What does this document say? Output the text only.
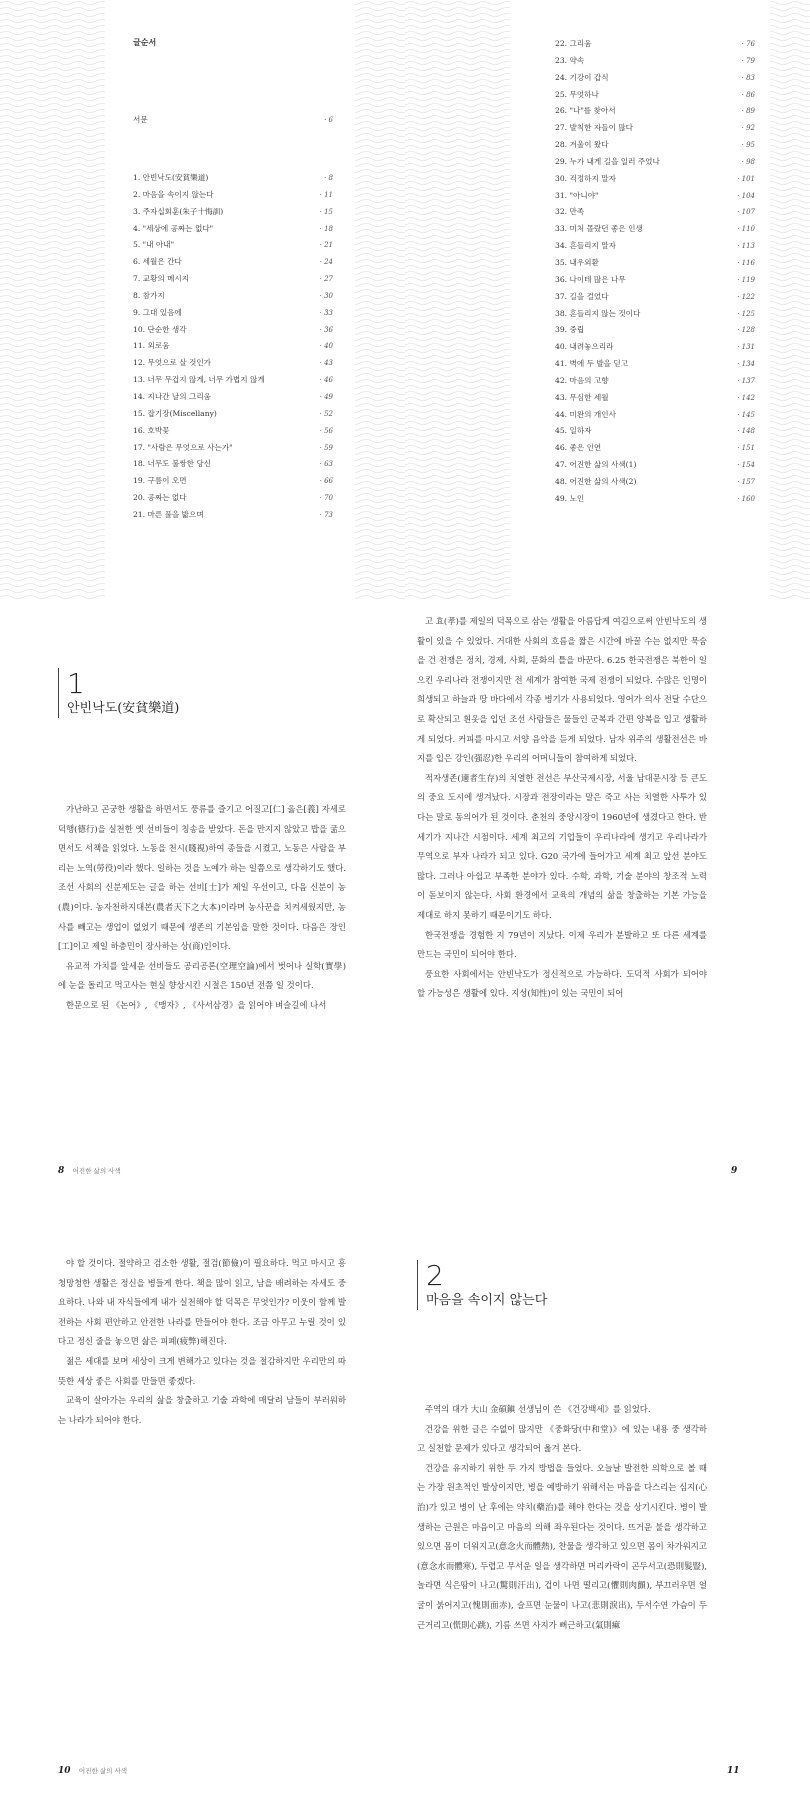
글순서
서문	· 6
1. 안빈낙도(安貧樂道)	· 8
2. 마음을 속이지 않는다	· 11
3. 주자십회훈(朱子十悔訓)	· 15
4. "세상에 공짜는 없다"	· 18
5. "내 아내"	· 21
6. 세월은 간다	· 24
7. 교황의 메시지	· 27
8. 참가지	· 30
9. 그대 있음에	· 33
10. 단순한 생각	· 36
11. 외로움	· 40
12. 무엇으로 살 것인가	· 43
13. 너무 무겁지 않게, 너무 가볍지 않게	· 46
14. 지나간 날의 그리움	· 49
15. 잡기장(Miscellany)	· 52
16. 호박꽃	· 56
17. "사람은 무엇으로 사는가"	· 59
18. 너무도 불쌍한 당신	· 63
19. 구름이 오면	· 66
20. 공짜는 없다	· 70
21. 마른 풀을 밟으며	· 73
22. 그리움	· 76
23. 약속	· 79
24. 기강이 갑식	· 83
25. 무엇하나	· 86
26. "나"를 찾아서	· 89
27. 발칙한 자들이 많다	· 92
28. 겨울이 왔다	· 95
29. 누가 내게 길을 일러 주었나	· 98
30. 걱정하지 말자	· 101
31. "아니야"	· 104
32. 만족	· 107
33. 미처 몰랐던 좋은 인생	· 110
34. 흔들리지 말자	· 113
35. 내우외환	· 116
36. 나이테 많은 나무	· 119
37. 길을 걸었다	· 122
38. 흔들리지 않는 것이다	· 125
39. 중립	· 128
40. 내려놓으리라	· 131
41. 벽에 두 발을 딛고	· 134
42. 마음의 고향	· 137
43. 무심한 세월	· 142
44. 미완의 개인사	· 145
45. 일하자	· 148
46. 좋은 인연	· 151
47. 어진한 삶의 사색(1)	· 154
48. 어진한 삶의 사색(2)	· 157
49. 노인	· 160
1
안빈낙도(安貧樂道)

가난하고 곤궁한 생활을 하면서도 풍류를 즐기고 어질고[仁] 옳은[義] 자세로 덕행(德行)을 실천한 옛 선비들이 칭송을 받았다. 돈을 만지지 않았고 밥을 굶으면서도 서책을 읽었다. 노동을 천시(賤視)하여 종들을 시켰고, 노동은 사람을 부리는 노역(勞役)이라 했다. 일하는 것을 노예가 하는 일쯤으로 생각하기도 했다. 조선 사회의 신분제도는 글을 하는 선비[士]가 제일 우선이고, 다음 신분이 농(農)이다. 농자천하지대본(農者天下之大本)이라며 농사꾼을 치켜세웠지만, 농사를 빼고는 생업이 없었기 때문에 생존의 기본임을 말한 것이다. 다음은 장인[工]이고 제일 하층민이 장사하는 상(商)인이다.

유교적 가치를 앞세운 선비들도 공리공론(空理空論)에서 벗어나 실학(實學)에 눈을 돌리고 먹고사는 현실 향상시킨 시절은 150년 전쯤 일 것이다.

한문으로 된 《논어》, 《맹자》, 《사서삼경》을 읽어야 벼슬길에 나서

8 어진한 삶의 사색

고 효(孝)를 제일의 덕목으로 삼는 생활을 아름답게 여김으로써 안빈낙도의 생활이 있을 수 있었다. 거대한 사회의 흐름을 짧은 시간에 바꿀 수는 없지만 묵숨을 건 전쟁은 정치, 경제, 사회, 문화의 틀을 바꾼다. 6.25 한국전쟁은 북한이 일으킨 우리나라 전쟁이지만 전 세계가 참여한 국제 전쟁이 되었다. 수많은 인명이 희생되고 하늘과 땅 바다에서 각종 병기가 사용되었다. 영어가 의사 전달 수단으로 확산되고 흰옷을 입던 조선 사람들은 물들인 군복과 간편 양복을 입고 생활하게 되었다. 커피를 마시고 서양 음악을 듣게 되었다. 남자 위주의 생활전선은 바지를 입은 강인(强忍)한 우리의 어머니들이 참여하게 되었다.

적자생존(適者生存)의 치열한 전선은 부산국제시장, 서울 남대문시장 등 큰도의 중요 도시에 생겨났다. 시장과 전장이라는 말은 죽고 사는 치열한 사투가 있다는 말로 동의어가 된 것이다. 춘천의 중앙시장이 1960년에 생겼다고 한다. 반세기가 지나간 시점이다. 세계 최고의 기업들이 우리나라에 생기고 우리나라가 무역으로 부자 나라가 되고 있다. G20 국가에 들어가고 세계 최고 앞선 분야도 많다. 그러나 아쉽고 부족한 분야가 있다. 수학, 과학, 기술 분야의 창조적 노력이 돋보이지 않는다. 사회 환경에서 교육의 개념의 삶을 창출하는 기본 가능을 제대로 하지 못하기 때문이기도 하다.

한국전쟁을 경험한 지 79년이 지났다. 이제 우리가 분발하고 또 다른 세계를 만드는 국민이 되어야 한다.

풍요한 사회에서는 안빈낙도가 정신적으로 가능하다. 도덕적 사회가 되어야 할 가능성은 생활에 있다. 지성(知性)이 있는 국민이 되어

9

야 할 것이다. 절약하고 검소한 생활, 절검(節儉)이 필요하다. 먹고 마시고 흥청망청한 생활은 정신을 병들게 한다. 책을 많이 읽고, 남을 배려하는 자세도 중요하다. 나와 내 자식들에게 내가 실천해야 할 덕목은 무엇인가? 이웃이 함께 발전하는 사회 편안하고 안전한 나라를 만들어야 한다. 조금 아무고 누릴 것이 있다고 정신 줄을 놓으면 삶은 피폐(疲弊)해진다.

젊은 세대를 보며 세상이 크게 변해가고 있다는 것을 절감하지만 우리만의 따뜻한 세상 좋은 사회를 만들면 좋겠다.

교육이 살아가는 우리의 삶을 창출하고 기술 과학에 매달려 남들이 부러워하는 나라가 되어야 한다.

10 어진한 삶의 사색
2
마음을 속이지 않는다

주역의 대가 大山 金碩鎭 선생님이 쓴 《건강백세》를 읽었다.

건강을 위한 글은 수없이 많지만 《중화당(中和堂)》에 있는 내용 중 생각하고 실천할 문제가 있다고 생각되어 옮겨 본다.

건강을 유지하기 위한 두 가지 방법을 들었다. 오늘날 발전한 의학으로 볼 때는 가장 원초적인 발상이지만, 병을 예방하기 위해서는 마음을 다스리는 심지(心治)가 있고 병이 난 후에는 약치(藥治)를 해야 한다는 것을 상기시킨다. 병이 발생하는 근원은 마음이고 마음의 의해 좌우된다는 것이다. 뜨거운 불을 생각하고 있으면 몸이 더워지고(意念火而體熱), 찬물을 생각하고 있으면 몸이 차가워지고(意念水而體寒), 두렵고 무서운 일을 생각하면 머리카락이 곤두서고(恐則髮豎), 놀라면 식은땀이 나고(驚則汗出), 겁이 나면 떨리고(懼則肉顫), 부끄러우면 얼굴이 붉어지고(愧則面赤), 슬프면 눈물이 나고(悲則淚出), 두서수연 가슴이 두근거리고(慌則心跳), 기름 쓰면 사지가 뻐근하고(氣則痲

11
